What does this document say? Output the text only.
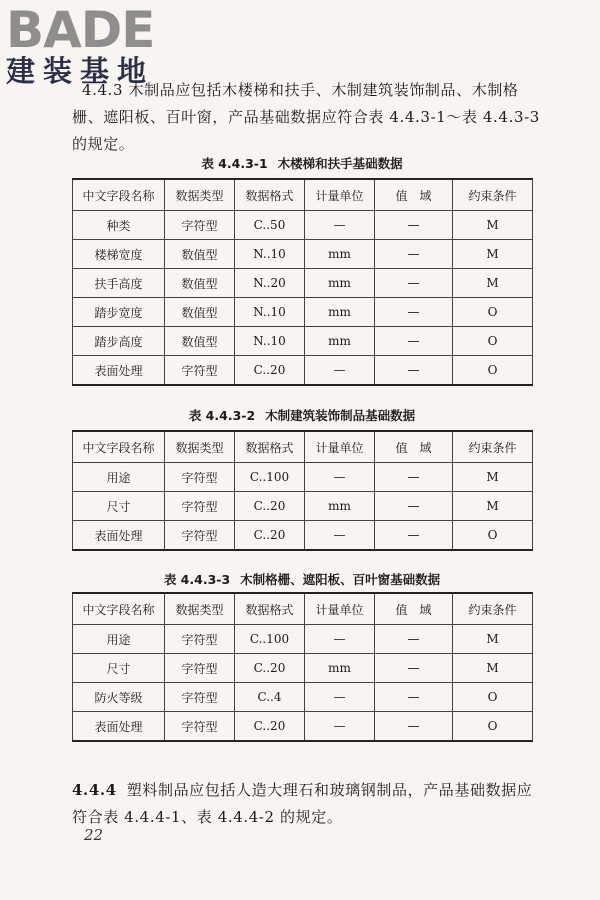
BADE
建装基地

4.4.3 木制品应包括木楼梯和扶手、木制建筑装饰制品、木制格栅、遮阳板、百叶窗，产品基础数据应符合表 4.4.3-1～表 4.4.3-3 的规定。

表 4.4.3-1 木楼梯和扶手基础数据
中文字段名称	数据类型	数据格式	计量单位	值　域	约束条件
种类	字符型	C..50	—	—	M
楼梯宽度	数值型	N..10	mm	—	M
扶手高度	数值型	N..20	mm	—	M
踏步宽度	数值型	N..10	mm	—	O
踏步高度	数值型	N..10	mm	—	O
表面处理	字符型	C..20	—	—	O
表 4.4.3-2 木制建筑装饰制品基础数据
中文字段名称	数据类型	数据格式	计量单位	值　域	约束条件
用途	字符型	C..100	—	—	M
尺寸	字符型	C..20	mm	—	M
表面处理	字符型	C..20	—	—	O
表 4.4.3-3 木制格栅、遮阳板、百叶窗基础数据
中文字段名称	数据类型	数据格式	计量单位	值　域	约束条件
用途	字符型	C..100	—	—	M
尺寸	字符型	C..20	mm	—	M
防火等级	字符型	C..4	—	—	O
表面处理	字符型	C..20	—	—	O

4.4.4 塑料制品应包括人造大理石和玻璃钢制品，产品基础数据应符合表 4.4.4-1、表 4.4.4-2 的规定。

22
